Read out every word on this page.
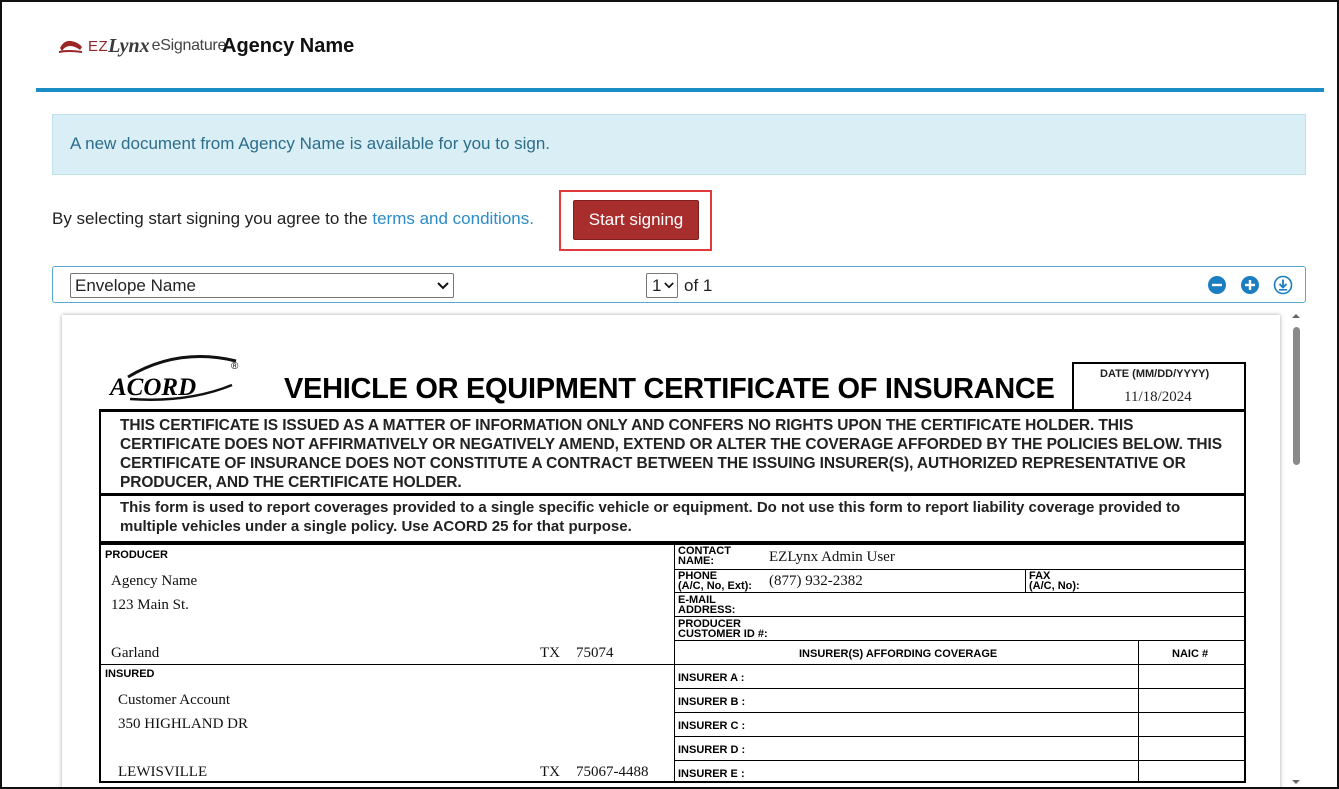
EZ Lynx eSignature
Agency Name
A new document from Agency Name is available for you to sign.
By selecting start signing you agree to the terms and conditions.	Start signing
Envelope Name	1 of 1
ACORD
®
VEHICLE OR EQUIPMENT CERTIFICATE OF INSURANCE	DATE (MM/DD/YYYY)
11/18/2024
THIS CERTIFICATE IS ISSUED AS A MATTER OF INFORMATION ONLY AND CONFERS NO RIGHTS UPON THE CERTIFICATE HOLDER. THIS CERTIFICATE DOES NOT AFFIRMATIVELY OR NEGATIVELY AMEND, EXTEND OR ALTER THE COVERAGE AFFORDED BY THE POLICIES BELOW. THIS CERTIFICATE OF INSURANCE DOES NOT CONSTITUTE A CONTRACT BETWEEN THE ISSUING INSURER(S), AUTHORIZED REPRESENTATIVE OR PRODUCER, AND THE CERTIFICATE HOLDER.
This form is used to report coverages provided to a single specific vehicle or equipment. Do not use this form to report liability coverage provided to multiple vehicles under a single policy. Use ACORD 25 for that purpose.
PRODUCER
Agency Name
123 Main St.
Garland	TX 75074
INSURED
Customer Account
350 HIGHLAND DR
LEWISVILLE	TX 75067-4488
CONTACT
NAME:	EZLynx Admin User
PHONE
(A/C, No, Ext): (877) 932-2382	FAX
(A/C, No):
E-MAIL
ADDRESS:
PRODUCER
CUSTOMER ID #:
INSURER(S) AFFORDING COVERAGE	NAIC #
INSURER A :
INSURER B :
INSURER C :
INSURER D :
INSURER E :
